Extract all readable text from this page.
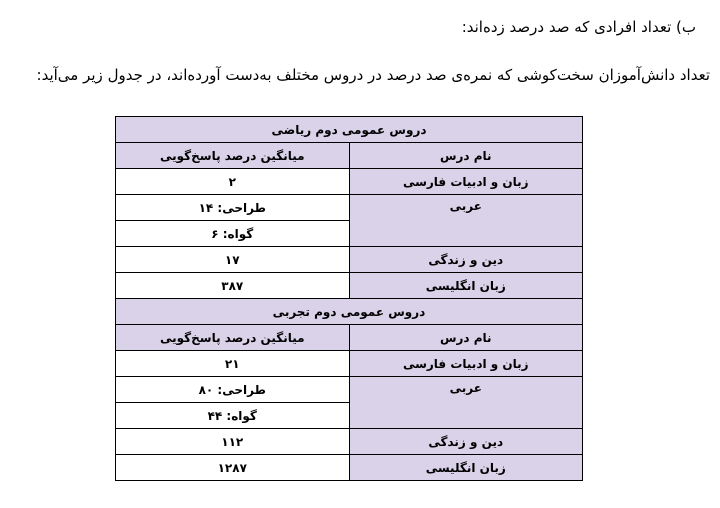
ب) تعداد افرادی که صد درصد زده‌اند:

تعداد دانش‌آموزان سخت‌کوشی که نمره‌ی صد درصد در دروس مختلف به‌دست آورده‌اند، در جدول زیر می‌آید:

دروس عمومی دوم ریاضی	
نام درس	میانگین درصد پاسخ‌گویی
زبان و ادبیات فارسی	۲
عربی	طراحی: ۱۴
	گواه: ۶
دین و زندگی	۱۷
زبان انگلیسی	۳۸۷
دروس عمومی دوم تجربی	
نام درس	میانگین درصد پاسخ‌گویی
زبان و ادبیات فارسی	۲۱
عربی	طراحی: ۸۰
	گواه: ۴۴
دین و زندگی	۱۱۲
زبان انگلیسی	۱۲۸۷
